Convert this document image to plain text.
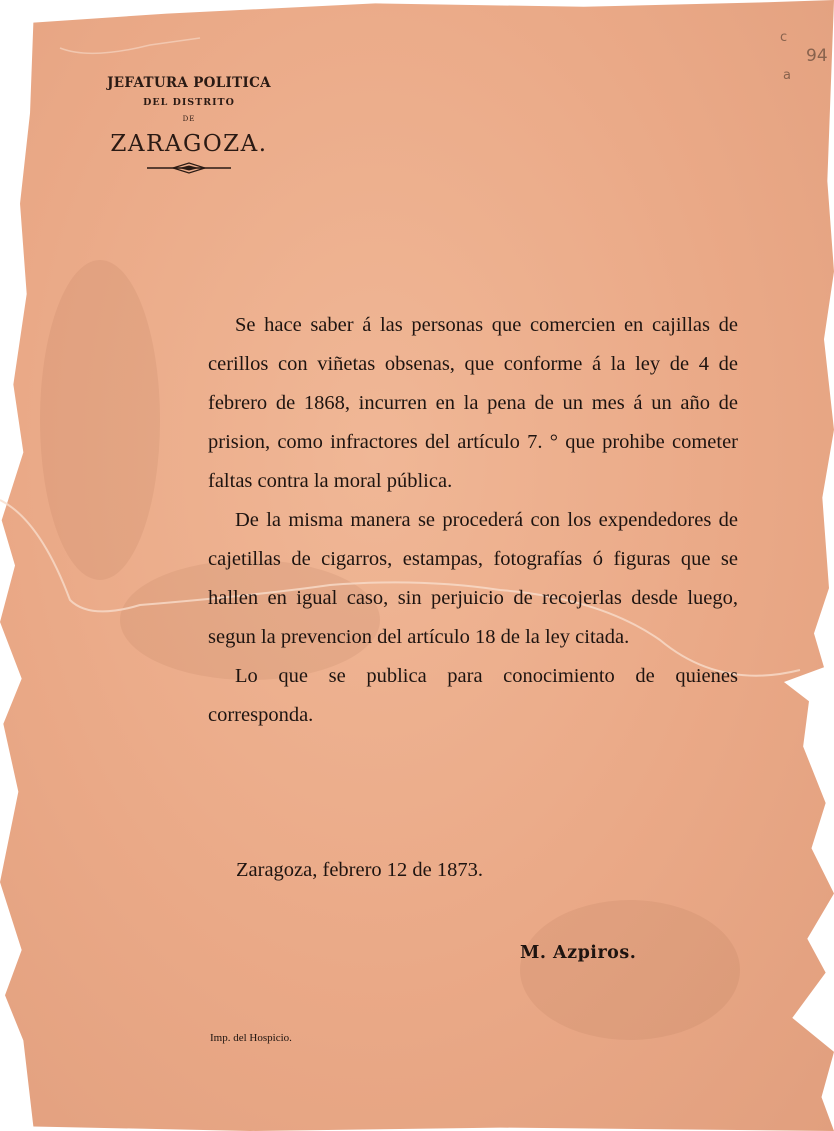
JEFATURA POLITICA
DEL DISTRITO
DE
ZARAGOZA.

Se hace saber á las personas que comercien en cajillas de cerillos con viñetas obsenas, que conforme á la ley de 4 de febrero de 1868, incurren en la pena de un mes á un año de prision, como infractores del artículo 7. ° que prohibe cometer faltas contra la moral pública.

De la misma manera se procederá con los expendedores de cajetillas de cigarros, estampas, fotografías ó figuras que se hallen en igual caso, sin perjuicio de recojerlas desde luego, segun la prevencion del artículo 18 de la ley citada.

Lo que se publica para conocimiento de quienes corresponda.

Zaragoza, febrero 12 de 1873.
M. Azpiros.
Imp. del Hospicio.
c
94
a
